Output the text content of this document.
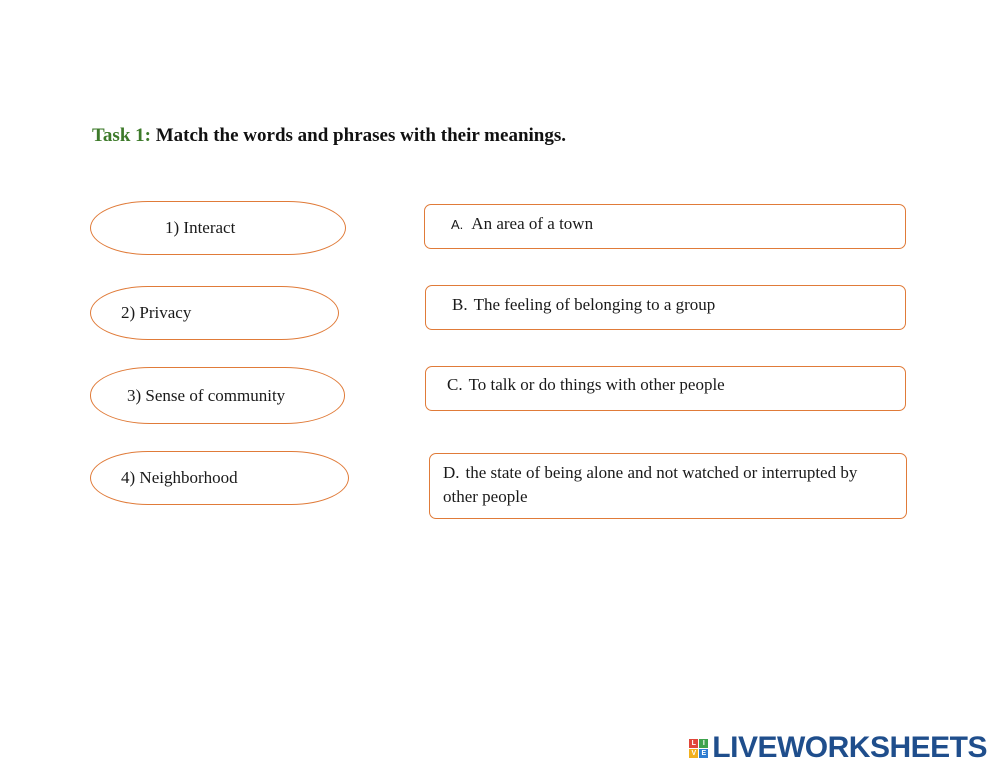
Task 1: Match the words and phrases with their meanings.
1) Interact
2) Privacy
3) Sense of community
4) Neighborhood
A. An area of a town
B. The feeling of belonging to a group
C. To talk or do things with other people
D. the state of being alone and not watched or interrupted by other people
L I
V E LIVEWORKSHEETS
